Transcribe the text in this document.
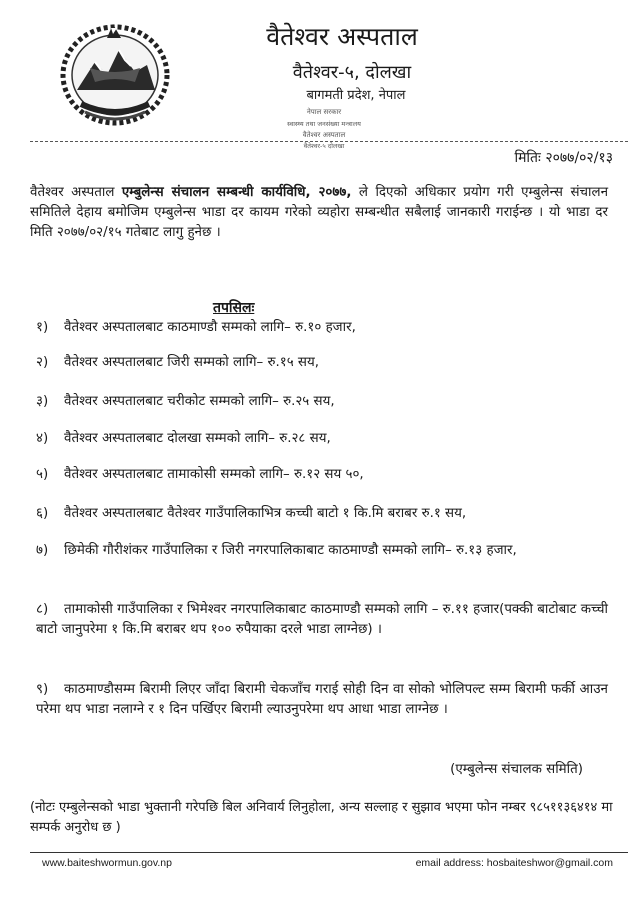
वैतेश्वर अस्पताल
वैतेश्वर-५, दोलखा
बागमती प्रदेश, नेपाल
नेपाल सरकार
स्वास्थ्य तथा जनसंख्या मन्त्रालय
वैतेश्वर अस्पताल
वैतेश्वर-५ दोलखा
मितिः २०७७/०२/१३
वैतेश्वर अस्पताल एम्बुलेन्स संचालन सम्बन्धी कार्यविधि, २०७७, ले दिएको अधिकार प्रयोग गरी एम्बुलेन्स संचालन समितिले देहाय बमोजिम एम्बुलेन्स भाडा दर कायम गरेको व्यहोरा सम्बन्धीत सबैलाई जानकारी गराईन्छ । यो भाडा दर मिति २०७७/०२/१५ गतेबाट लागु हुनेछ ।
तपसिलः
१) वैतेश्वर अस्पतालबाट काठमाण्डौ सम्मको लागि– रु.१० हजार,
२) वैतेश्वर अस्पतालबाट जिरी सम्मको लागि– रु.१५ सय,
३) वैतेश्वर अस्पतालबाट चरीकोट सम्मको लागि– रु.२५ सय,
४) वैतेश्वर अस्पतालबाट दोलखा सम्मको लागि– रु.२८ सय,
५) वैतेश्वर अस्पतालबाट तामाकोसी सम्मको लागि– रु.१२ सय ५०,
६) वैतेश्वर अस्पतालबाट वैतेश्वर गाउँपालिकाभित्र कच्ची बाटो १ कि.मि बराबर रु.१ सय,
७) छिमेकी गौरीशंकर गाउँपालिका र जिरी नगरपालिकाबाट काठमाण्डौ सम्मको लागि– रु.१३ हजार,
८) तामाकोसी गाउँपालिका र भिमेश्वर नगरपालिकाबाट काठमाण्डौ सम्मको लागि – रु.११ हजार(पक्की बाटोबाट कच्ची बाटो जानुपरेमा १ कि.मि बराबर थप १०० रुपैयाका दरले भाडा लाग्नेछ) ।
९) काठमाण्डौसम्म बिरामी लिएर जाँदा बिरामी चेकजाँच गराई सोही दिन वा सोको भोलिपल्ट सम्म बिरामी फर्की आउन परेमा थप भाडा नलाग्ने र १ दिन पर्खिएर बिरामी ल्याउनुपरेमा थप आधा भाडा लाग्नेछ ।
(एम्बुलेन्स संचालक समिति)
(नोटः एम्बुलेन्सको भाडा भुक्तानी गरेपछि बिल अनिवार्य लिनुहोला, अन्य सल्लाह र सुझाव भएमा फोन नम्बर ९८५११३६४१४ मा सम्पर्क अनुरोध छ )
www.baiteshwormun.gov.np	email address: hosbaiteshwor@gmail.com
